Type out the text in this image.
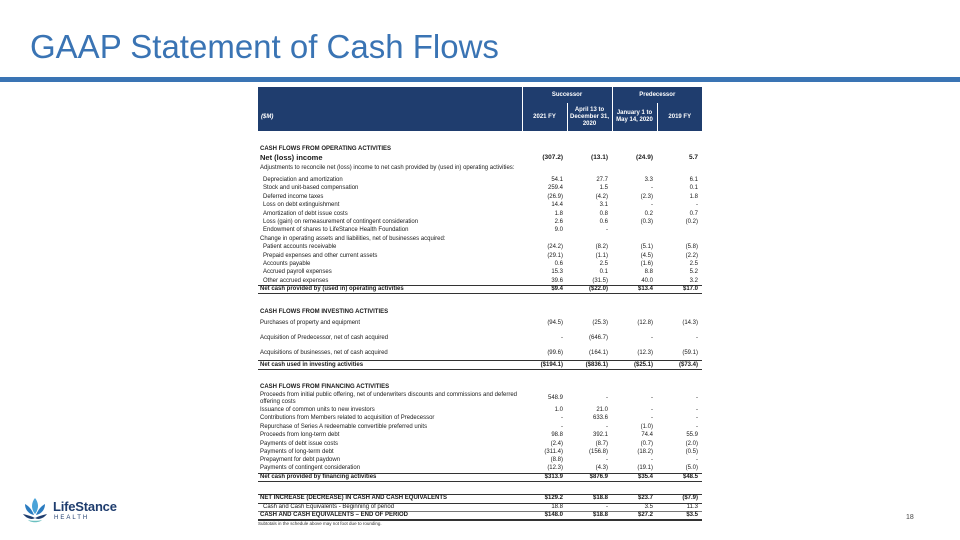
GAAP Statement of Cash Flows
	Successor		Predecessor	
($M)	2021 FY	April 13 to December 31, 2020	January 1 to May 14, 2020	2019 FY

CASH FLOWS FROM OPERATING ACTIVITIES				
Net (loss) income	(307.2)	(13.1)	(24.9)	5.7
Adjustments to reconcile net (loss) income to net cash provided by (used in) operating activities:				
Depreciation and amortization	54.1	27.7	3.3	6.1
Stock and unit-based compensation	259.4	1.5	-	0.1
Deferred income taxes	(26.9)	(4.2)	(2.3)	1.8
Loss on debt extinguishment	14.4	3.1	-	-
Amortization of debt issue costs	1.8	0.8	0.2	0.7
Loss (gain) on remeasurement of contingent consideration	2.6	0.6	(0.3)	(0.2)
Endowment of shares to LifeStance Health Foundation	9.0	-		
Change in operating assets and liabilities, net of businesses acquired:				
Patient accounts receivable	(24.2)	(8.2)	(5.1)	(5.8)
Prepaid expenses and other current assets	(29.1)	(1.1)	(4.5)	(2.2)
Accounts payable	0.6	2.5	(1.6)	2.5
Accrued payroll expenses	15.3	0.1	8.8	5.2
Other accrued expenses	39.6	(31.5)	40.0	3.2
Net cash provided by (used in) operating activities	$9.4	($22.0)	$13.4	$17.0

CASH FLOWS FROM INVESTING ACTIVITIES				
Purchases of property and equipment	(94.5)	(25.3)	(12.8)	(14.3)
Acquisition of Predecessor, net of cash acquired	-	(646.7)	-	-
Acquisitions of businesses, net of cash acquired	(99.6)	(164.1)	(12.3)	(59.1)
Net cash used in investing activities	($194.1)	($836.1)	($25.1)	($73.4)

CASH FLOWS FROM FINANCING ACTIVITIES				
Proceeds from initial public offering, net of underwriters discounts and commissions and deferred offering costs	548.9	-	-	-
Issuance of common units to new investors	1.0	21.0	-	-
Contributions from Members related to acquisition of Predecessor	-	633.6	-	-
Repurchase of Series A redeemable convertible preferred units	-	-	(1.0)	-
Proceeds from long-term debt	98.8	392.1	74.4	55.9
Payments of debt issue costs	(2.4)	(8.7)	(0.7)	(2.0)
Payments of long-term debt	(311.4)	(156.8)	(18.2)	(0.5)
Prepayment for debt paydown	(8.8)	-	-	-
Payments of contingent consideration	(12.3)	(4.3)	(19.1)	(5.0)
Net cash provided by financing activities	$313.9	$876.9	$35.4	$48.5

NET INCREASE (DECREASE) IN CASH AND CASH EQUIVALENTS	$129.2	$18.8	$23.7	($7.9)
Cash and Cash Equivalents - Beginning of period	18.8	-	3.5	11.3
CASH AND CASH EQUIVALENTS – END OF PERIOD	$148.0	$18.8	$27.2	$3.5
Subtotals in the schedule above may not foot due to rounding.
18
LifeStance
HEALTH
